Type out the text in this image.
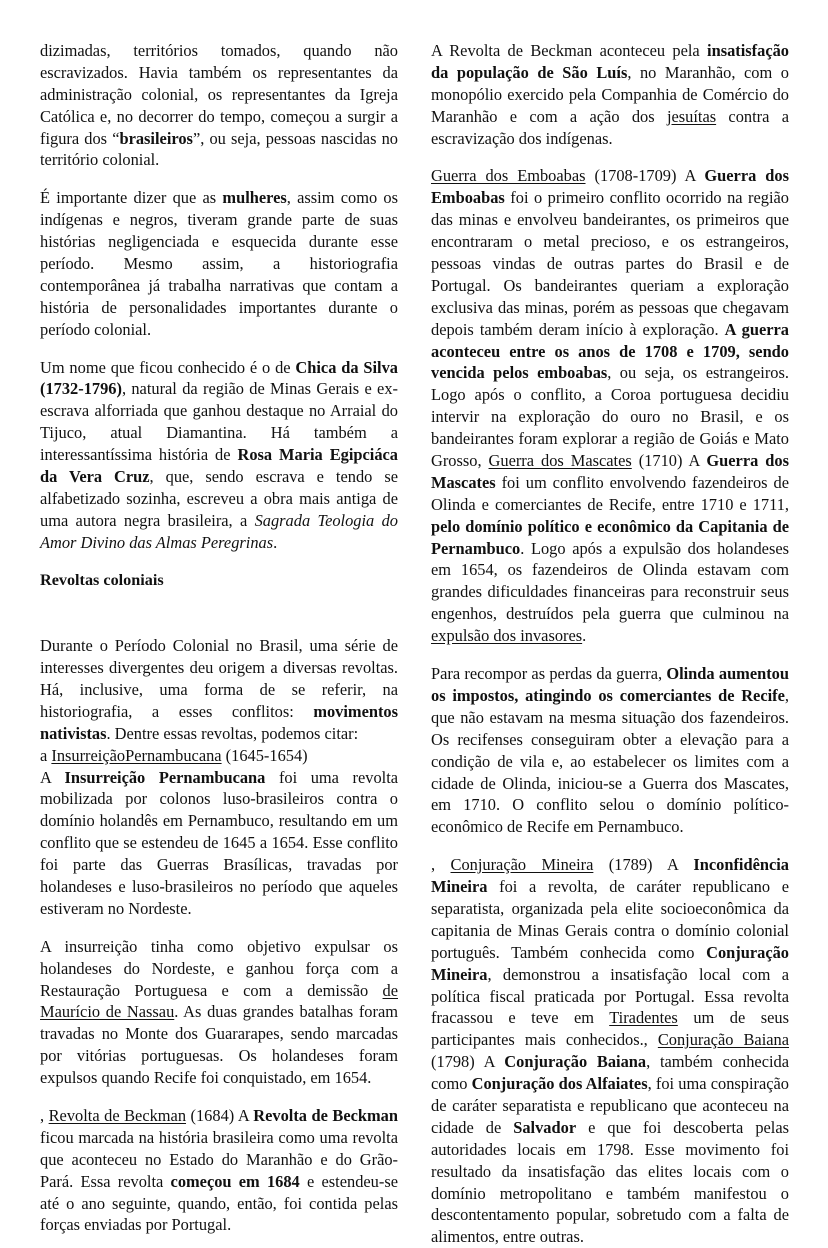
dizimadas, territórios tomados, quando não escravizados. Havia também os representantes da administração colonial, os representantes da Igreja Católica e, no decorrer do tempo, começou a surgir a figura dos “brasileiros”, ou seja, pessoas nascidas no território colonial.

É importante dizer que as mulheres, assim como os indígenas e negros, tiveram grande parte de suas histórias negligenciada e esquecida durante esse período. Mesmo assim, a historiografia contemporânea já trabalha narrativas que contam a história de personalidades importantes durante o período colonial.

Um nome que ficou conhecido é o de Chica da Silva (1732-1796), natural da região de Minas Gerais e ex-escrava alforriada que ganhou destaque no Arraial do Tijuco, atual Diamantina. Há também a interessantíssima história de Rosa Maria Egipciáca da Vera Cruz, que, sendo escrava e tendo se alfabetizado sozinha, escreveu a obra mais antiga de uma autora negra brasileira, a Sagrada Teologia do Amor Divino das Almas Peregrinas.

Revoltas coloniais

Durante o Período Colonial no Brasil, uma série de interesses divergentes deu origem a diversas revoltas. Há, inclusive, uma forma de se referir, na historiografia, a esses conflitos: movimentos nativistas. Dentre essas revoltas, podemos citar:

a InsurreiçãoPernambucana (1645-1654)

A Insurreição Pernambucana foi uma revolta mobilizada por colonos luso-brasileiros contra o domínio holandês em Pernambuco, resultando em um conflito que se estendeu de 1645 a 1654. Esse conflito foi parte das Guerras Brasílicas, travadas por holandeses e luso-brasileiros no período que aqueles estiveram no Nordeste.

A insurreição tinha como objetivo expulsar os holandeses do Nordeste, e ganhou força com a Restauração Portuguesa e com a demissão de Maurício de Nassau. As duas grandes batalhas foram travadas no Monte dos Guararapes, sendo marcadas por vitórias portuguesas. Os holandeses foram expulsos quando Recife foi conquistado, em 1654.

, Revolta de Beckman (1684) A Revolta de Beckman ficou marcada na história brasileira como uma revolta que aconteceu no Estado do Maranhão e do Grão-Pará. Essa revolta começou em 1684 e estendeu-se até o ano seguinte, quando, então, foi contida pelas forças enviadas por Portugal.

A Revolta de Beckman aconteceu pela insatisfação da população de São Luís, no Maranhão, com o monopólio exercido pela Companhia de Comércio do Maranhão e com a ação dos jesuítas contra a escravização dos indígenas.

Guerra dos Emboabas (1708-1709) A Guerra dos Emboabas foi o primeiro conflito ocorrido na região das minas e envolveu bandeirantes, os primeiros que encontraram o metal precioso, e os estrangeiros, pessoas vindas de outras partes do Brasil e de Portugal. Os bandeirantes queriam a exploração exclusiva das minas, porém as pessoas que chegavam depois também deram início à exploração. A guerra aconteceu entre os anos de 1708 e 1709, sendo vencida pelos emboabas, ou seja, os estrangeiros. Logo após o conflito, a Coroa portuguesa decidiu intervir na exploração do ouro no Brasil, e os bandeirantes foram explorar a região de Goiás e Mato Grosso, Guerra dos Mascates (1710) A Guerra dos Mascates foi um conflito envolvendo fazendeiros de Olinda e comerciantes de Recife, entre 1710 e 1711, pelo domínio político e econômico da Capitania de Pernambuco. Logo após a expulsão dos holandeses em 1654, os fazendeiros de Olinda estavam com grandes dificuldades financeiras para reconstruir seus engenhos, destruídos pela guerra que culminou na expulsão dos invasores.

Para recompor as perdas da guerra, Olinda aumentou os impostos, atingindo os comerciantes de Recife, que não estavam na mesma situação dos fazendeiros. Os recifenses conseguiram obter a elevação para a condição de vila e, ao estabelecer os limites com a cidade de Olinda, iniciou-se a Guerra dos Mascates, em 1710. O conflito selou o domínio político-econômico de Recife em Pernambuco.

, Conjuração Mineira (1789) A Inconfidência Mineira foi a revolta, de caráter republicano e separatista, organizada pela elite socioeconômica da capitania de Minas Gerais contra o domínio colonial português. Também conhecida como Conjuração Mineira, demonstrou a insatisfação local com a política fiscal praticada por Portugal. Essa revolta fracassou e teve em Tiradentes um de seus participantes mais conhecidos., Conjuração Baiana (1798) A Conjuração Baiana, também conhecida como Conjuração dos Alfaiates, foi uma conspiração de caráter separatista e republicano que aconteceu na cidade de Salvador e que foi descoberta pelas autoridades locais em 1798. Esse movimento foi resultado da insatisfação das elites locais com o domínio metropolitano e também manifestou o descontentamento popular, sobretudo com a falta de alimentos, entre outras.
